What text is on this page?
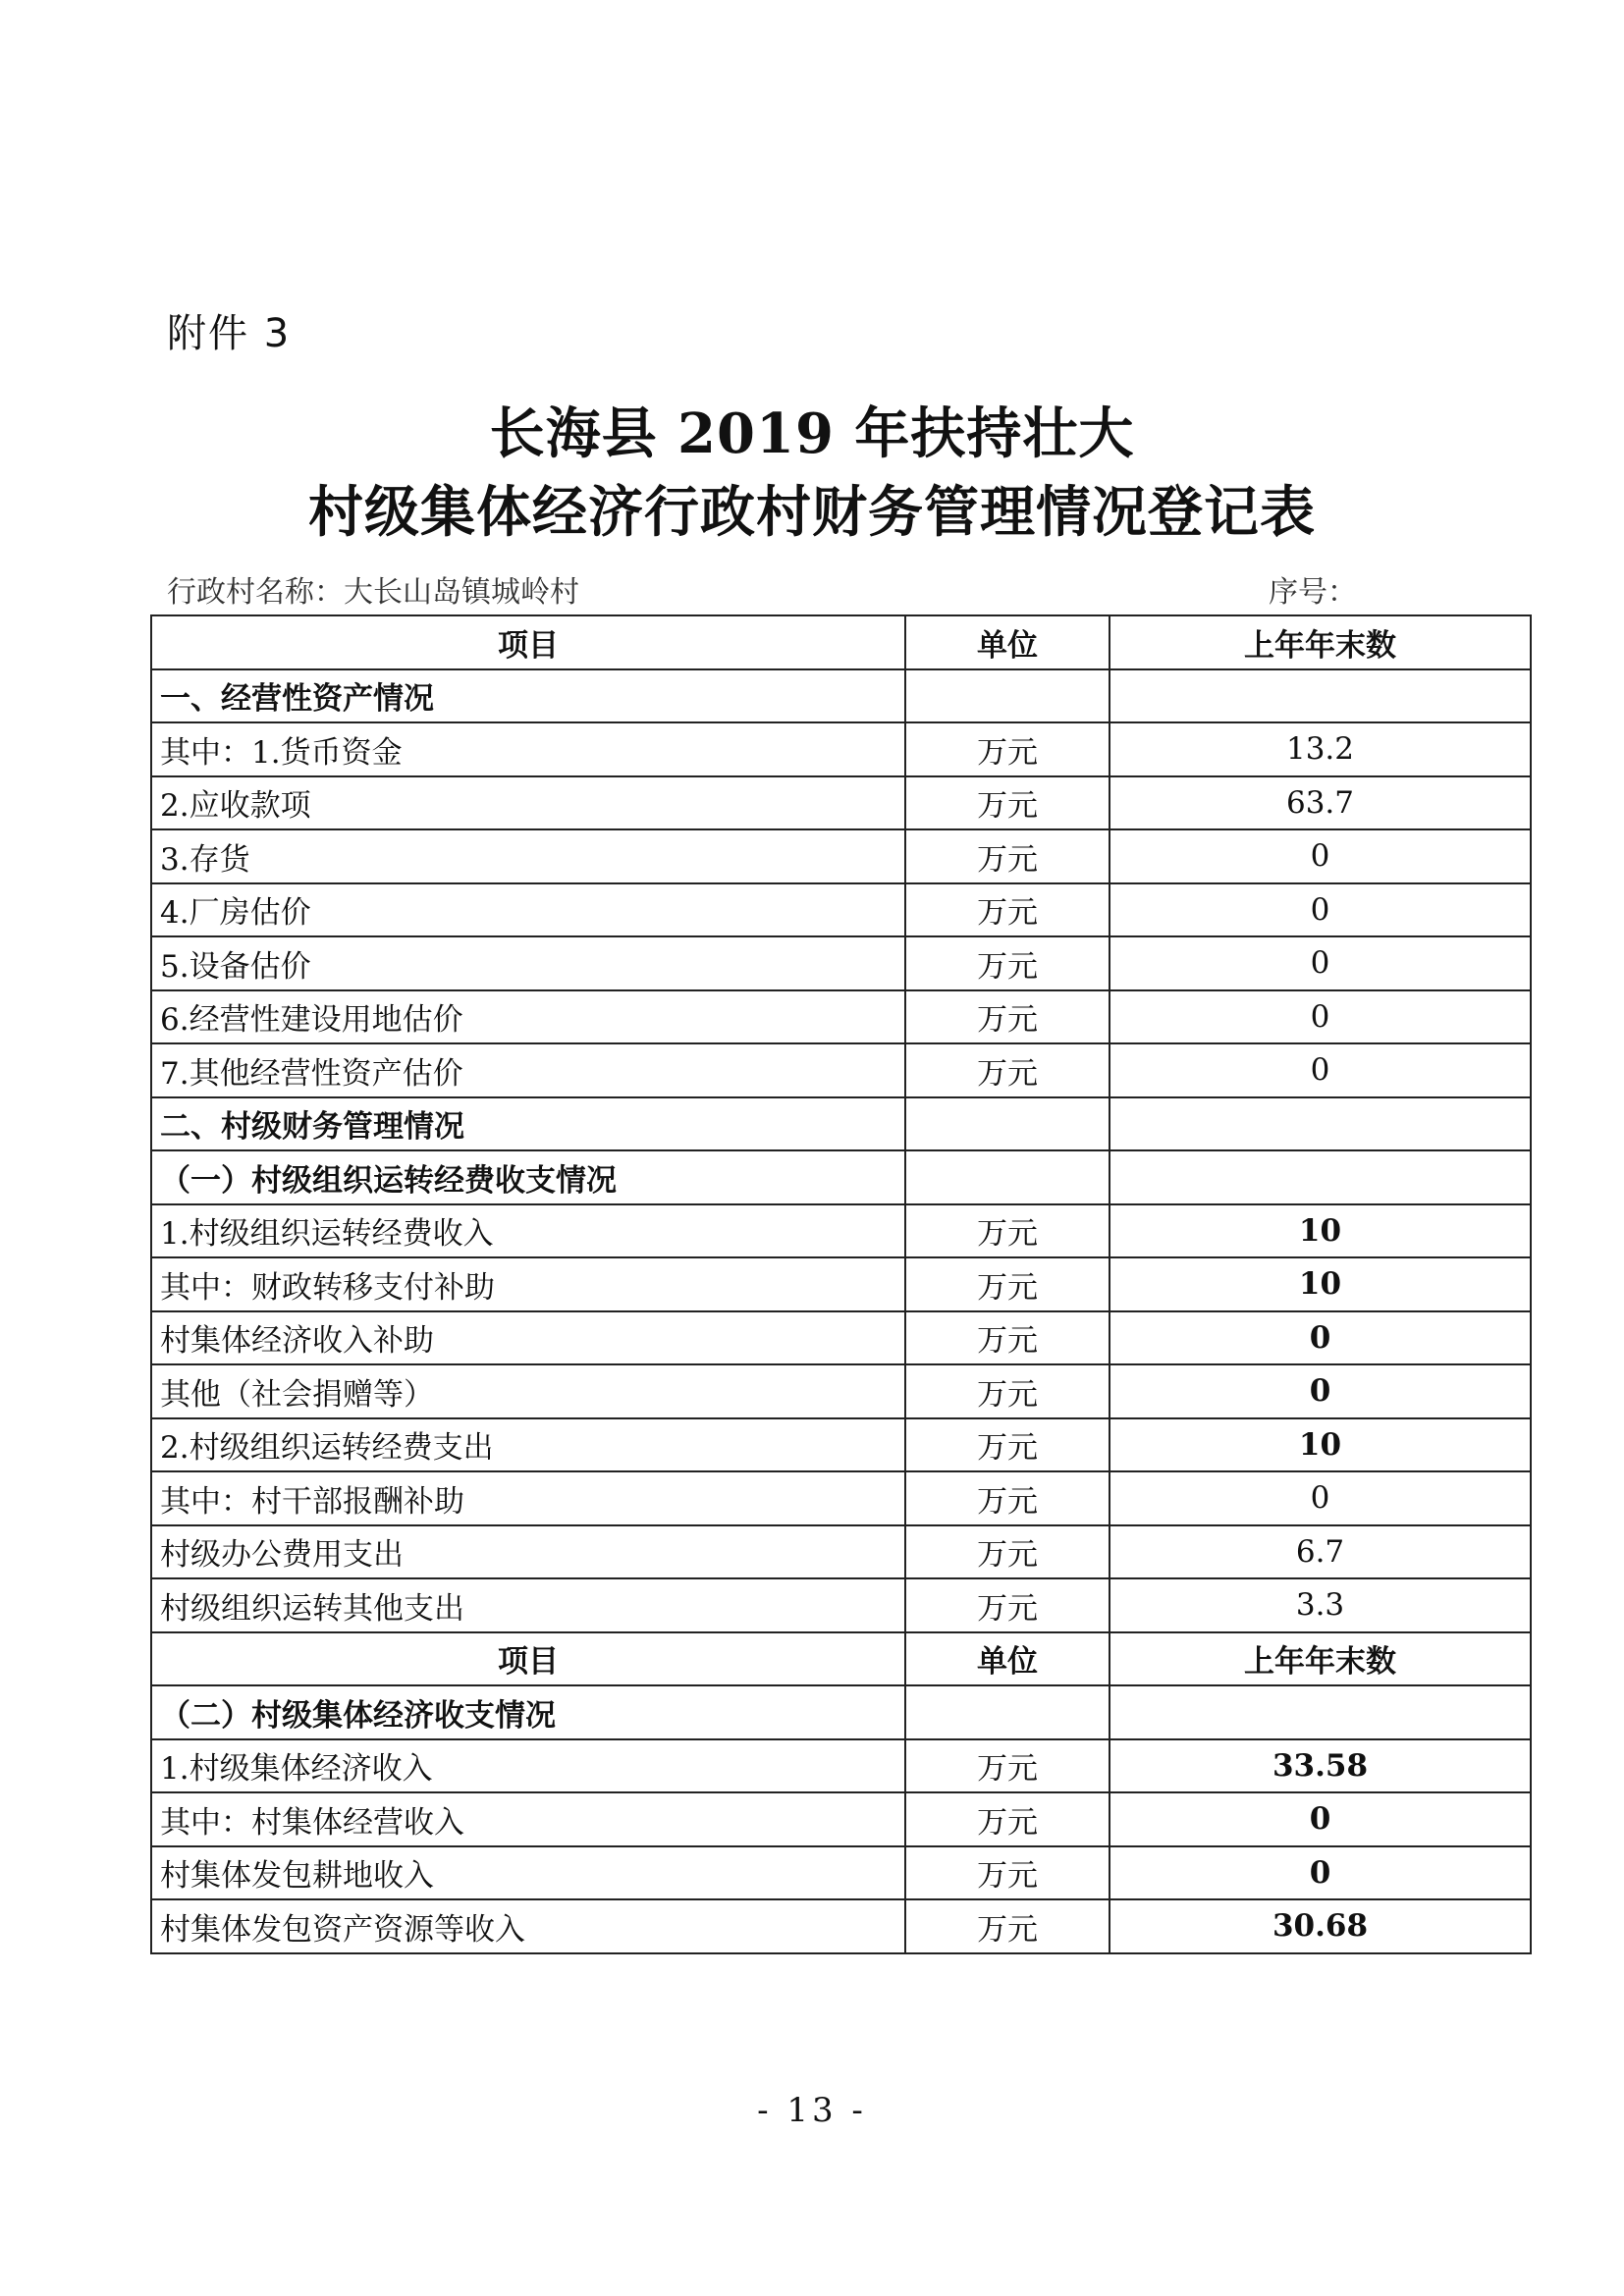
附件 3
长海县 2019 年扶持壮大
村级集体经济行政村财务管理情况登记表
行政村名称：大长山岛镇城岭村	序号：
项目	单位	上年年末数
一、经营性资产情况		
其中：1.货币资金	万元	13.2
2.应收款项	万元	63.7
3.存货	万元	0
4.厂房估价	万元	0
5.设备估价	万元	0
6.经营性建设用地估价	万元	0
7.其他经营性资产估价	万元	0
二、村级财务管理情况		
（一）村级组织运转经费收支情况		
1.村级组织运转经费收入	万元	10
其中：财政转移支付补助	万元	10
村集体经济收入补助	万元	0
其他（社会捐赠等）	万元	0
2.村级组织运转经费支出	万元	10
其中：村干部报酬补助	万元	0
村级办公费用支出	万元	6.7
村级组织运转其他支出	万元	3.3
项目	单位	上年年末数
（二）村级集体经济收支情况		
1.村级集体经济收入	万元	33.58
其中：村集体经营收入	万元	0
村集体发包耕地收入	万元	0
村集体发包资产资源等收入	万元	30.68
- 13 -
